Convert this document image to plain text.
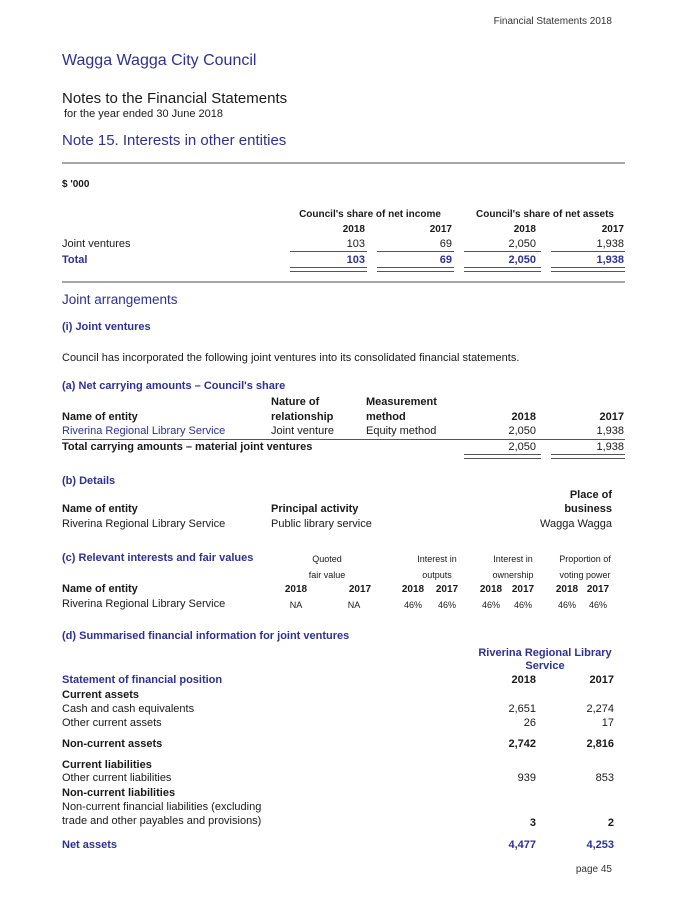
Financial Statements 2018
Wagga Wagga City Council
Notes to the Financial Statements
for the year ended 30 June 2018
Note 15. Interests in other entities
$ '000
Council's share of net income	Council's share of net assets
2018	2017	2018	2017
Joint ventures	103	69	2,050	1,938
Total	103	69	2,050	1,938
Joint arrangements
(i) Joint ventures
Council has incorporated the following joint ventures into its consolidated financial statements.
(a) Net carrying amounts – Council's share
Nature of	Measurement
Name of entity	relationship	method	2018	2017
Riverina Regional Library Service	Joint venture	Equity method	2,050	1,938
Total carrying amounts – material joint ventures	2,050	1,938
(b) Details
Place of
Name of entity	Principal activity	business
Riverina Regional Library Service	Public library service	Wagga Wagga
(c) Relevant interests and fair values	Quoted	Interest in	Interest in	Proportion of
fair value	outputs	ownership	voting power
Name of entity	2018	2017	2018	2017	2018 2017	2018 2017
Riverina Regional Library Service	NA	NA	46%	46%	46%	46%	46%	46%
(d) Summarised financial information for joint ventures
Riverina Regional Library
Service
Statement of financial position	2018	2017
Current assets
Cash and cash equivalents	2,651	2,274
Other current assets	26	17
Non-current assets	2,742	2,816
Current liabilities
Other current liabilities	939	853
Non-current liabilities
Non-current financial liabilities (excluding
trade and other payables and provisions)	3	2
Net assets	4,477	4,253
page 45
